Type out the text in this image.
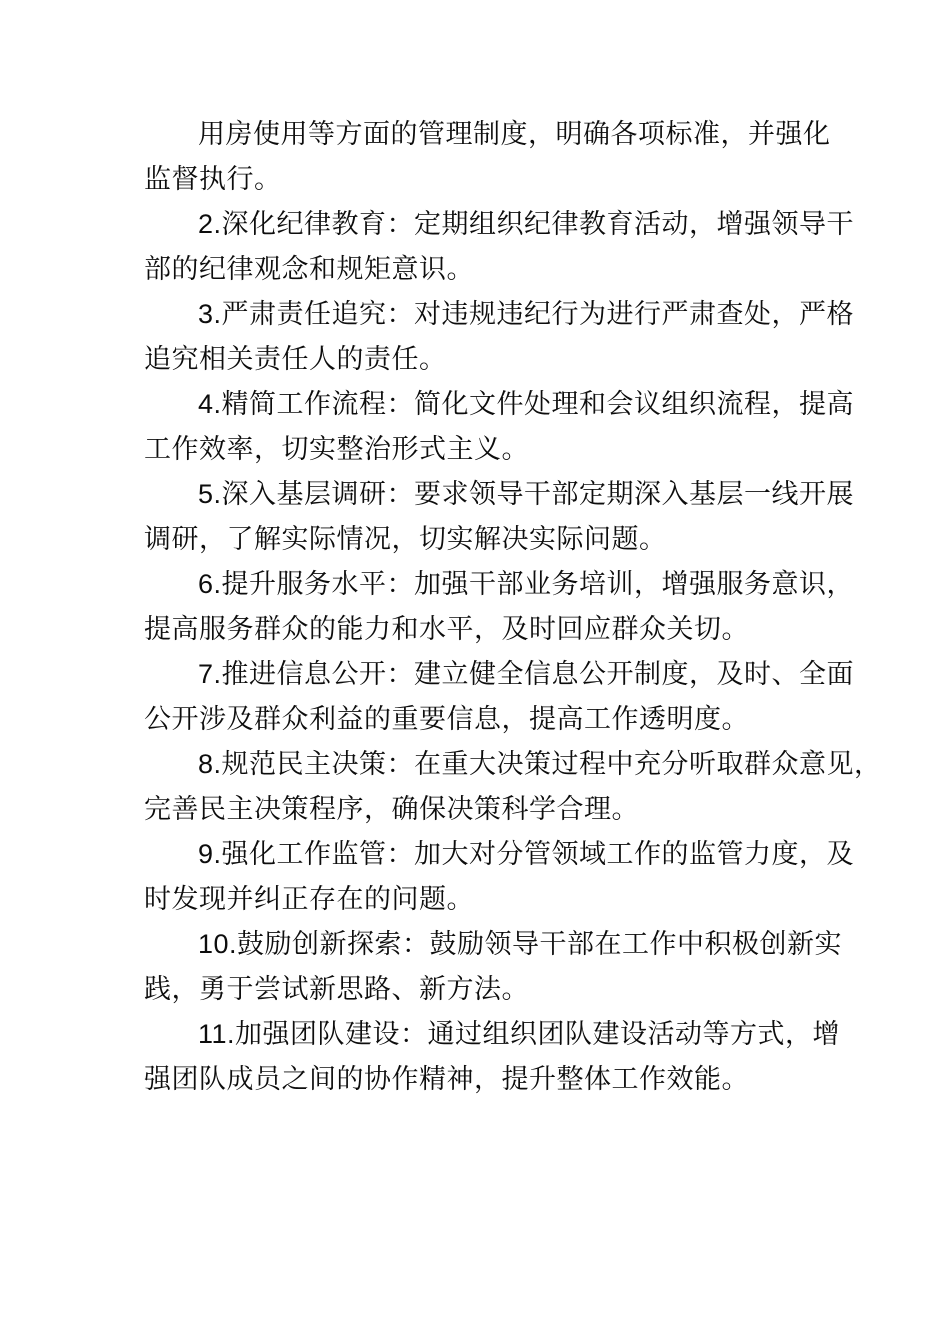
用房使用等方面的管理制度，明确各项标准，并强化
监督执行。

2.深化纪律教育：定期组织纪律教育活动，增强领导干
部的纪律观念和规矩意识。

3.严肃责任追究：对违规违纪行为进行严肃查处，严格
追究相关责任人的责任。

4.精简工作流程：简化文件处理和会议组织流程，提高
工作效率，切实整治形式主义。

5.深入基层调研：要求领导干部定期深入基层一线开展
调研，了解实际情况，切实解决实际问题。

6.提升服务水平：加强干部业务培训，增强服务意识，
提高服务群众的能力和水平，及时回应群众关切。

7.推进信息公开：建立健全信息公开制度，及时、全面
公开涉及群众利益的重要信息，提高工作透明度。

8.规范民主决策：在重大决策过程中充分听取群众意见，
完善民主决策程序，确保决策科学合理。

9.强化工作监管：加大对分管领域工作的监管力度，及
时发现并纠正存在的问题。

10.鼓励创新探索：鼓励领导干部在工作中积极创新实
践，勇于尝试新思路、新方法。

11.加强团队建设：通过组织团队建设活动等方式，增
强团队成员之间的协作精神，提升整体工作效能。
